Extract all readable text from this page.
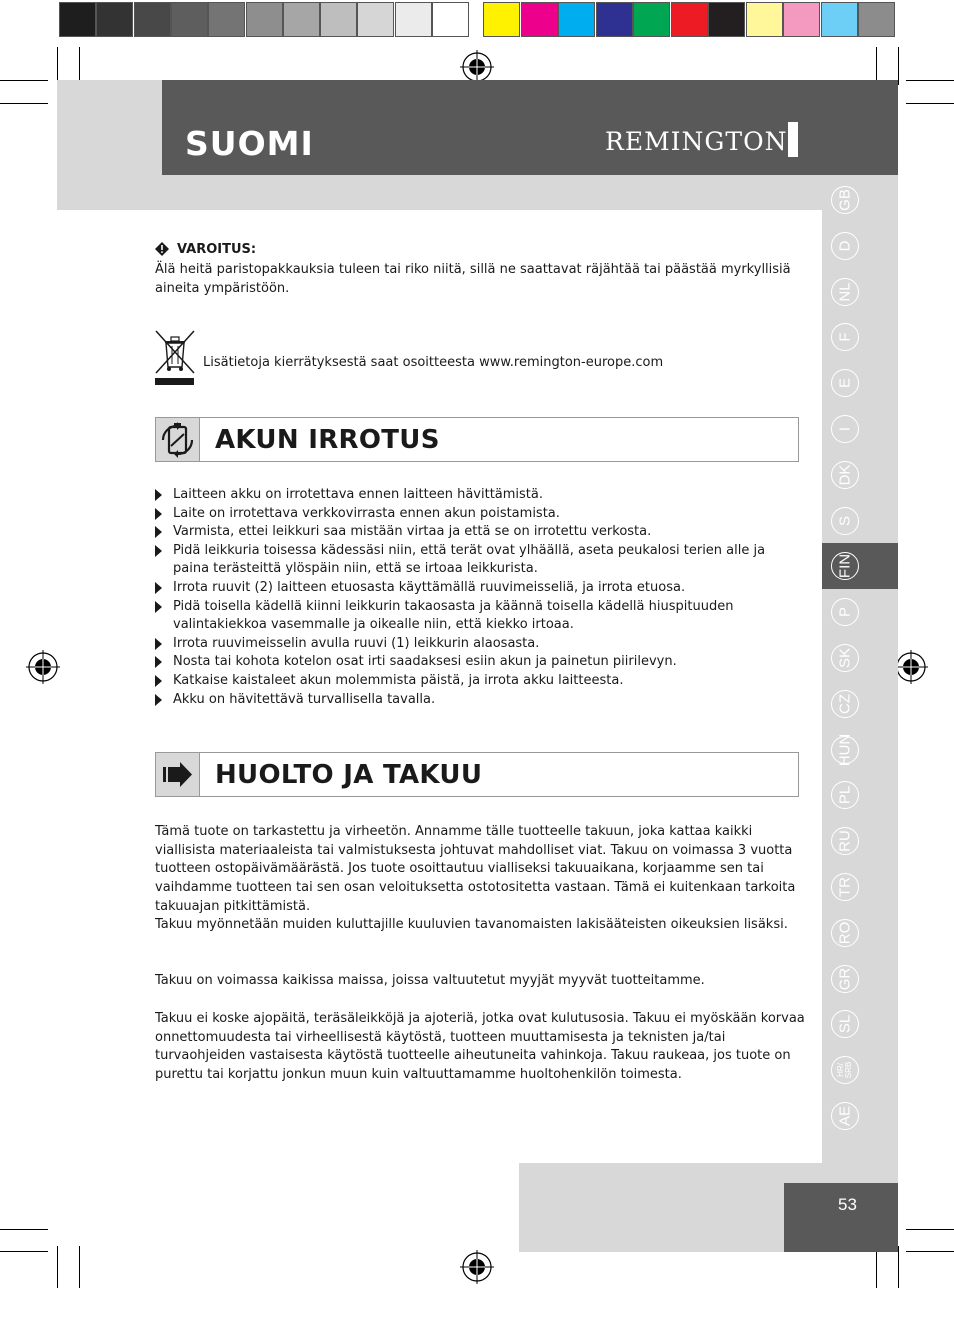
SUOMI	REMINGTON
GB
D
NL
F
E
I
DK
S
FIN
P
SK
CZ
HUN
PL
RU
TR
RO
GR
SL
HR/ SRB
AE
VAROITUS:
Älä heitä paristopakkauksia tuleen tai riko niitä, sillä ne saattavat räjähtää tai päästää myrkyllisiä
aineita ympäristöön.
Lisätietoja kierrätyksestä saat osoitteesta www.remington-europe.com
AKUN IRROTUS
Laitteen akku on irrotettava ennen laitteen hävittämistä.
Laite on irrotettava verkkovirrasta ennen akun poistamista.
Varmista, ettei leikkuri saa mistään virtaa ja että se on irrotettu verkosta.
Pidä leikkuria toisessa kädessäsi niin, että terät ovat ylhäällä, aseta peukalosi terien alle ja paina terästeittä ylöspäin niin, että se irtoaa leikkurista.
Irrota ruuvit (2) laitteen etuosasta käyttämällä ruuvimeisseliä, ja irrota etuosa.
Pidä toisella kädellä kiinni leikkurin takaosasta ja käännä toisella kädellä hiuspituuden valintakiekkoa vasemmalle ja oikealle niin, että kiekko irtoaa.
Irrota ruuvimeisselin avulla ruuvi (1) leikkurin alaosasta.
Nosta tai kohota kotelon osat irti saadaksesi esiin akun ja painetun piirilevyn.
Katkaise kaistaleet akun molemmista päistä, ja irrota akku laitteesta.
Akku on hävitettävä turvallisella tavalla.
HUOLTO JA TAKUU
Tämä tuote on tarkastettu ja virheetön. Annamme tälle tuotteelle takuun, joka kattaa kaikki viallisista materiaaleista tai valmistuksesta johtuvat mahdolliset viat. Takuu on voimassa 3 vuotta tuotteen ostopäivämäärästä. Jos tuote osoittautuu vialliseksi takuuaikana, korjaamme sen tai vaihdamme tuotteen tai sen osan veloituksetta ostotositetta vastaan. Tämä ei kuitenkaan tarkoita takuuajan pitkittämistä.
Takuu myönnetään muiden kuluttajille kuuluvien tavanomaisten lakisääteisten oikeuksien lisäksi.
Takuu on voimassa kaikissa maissa, joissa valtuutetut myyjät myyvät tuotteitamme.
Takuu ei koske ajopäitä, teräsäleikköjä ja ajoteriä, jotka ovat kulutusosia. Takuu ei myöskään korvaa onnettomuudesta tai virheellisestä käytöstä, tuotteen muuttamisesta ja teknisten ja/tai turvaohjeiden vastaisesta käytöstä tuotteelle aiheutuneita vahinkoja. Takuu raukeaa, jos tuote on purettu tai korjattu jonkun muun kuin valtuuttamamme huoltohenkilön toimesta.
53
